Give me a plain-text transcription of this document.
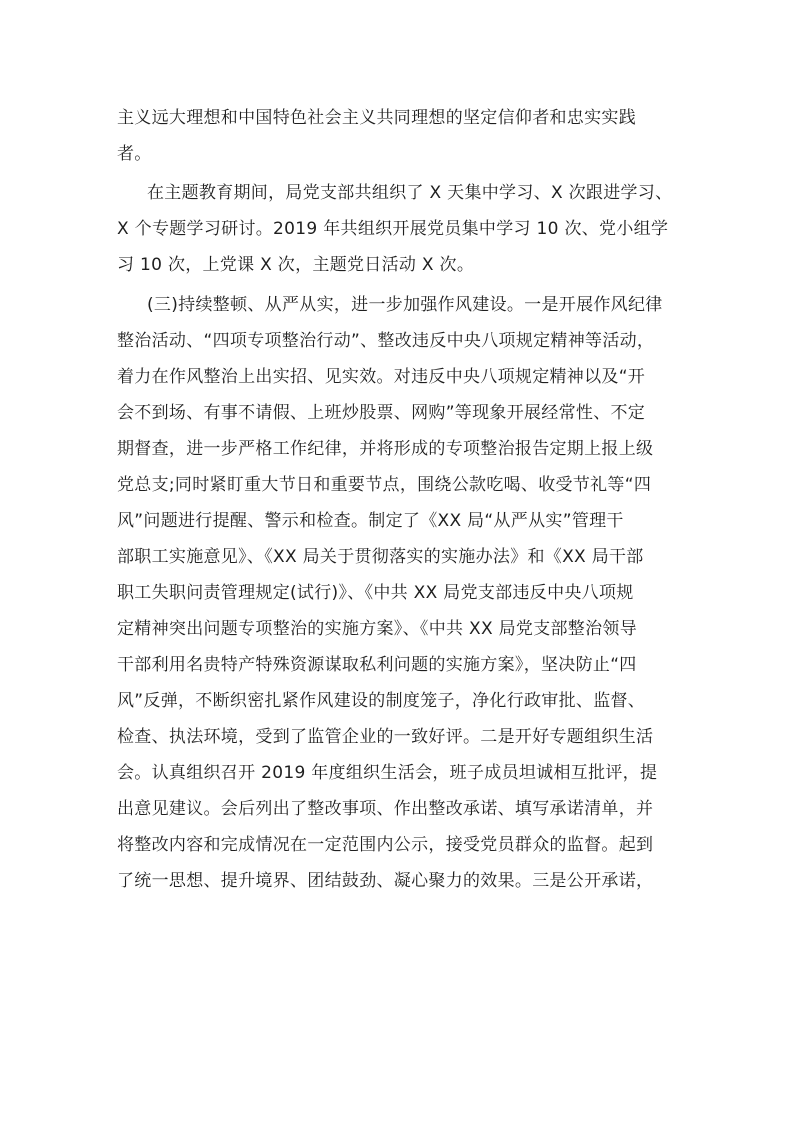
主义远大理想和中国特色社会主义共同理想的坚定信仰者和忠实实践
者。

在主题教育期间，局党支部共组织了 X 天集中学习、X 次跟进学习、
X 个专题学习研讨。2019 年共组织开展党员集中学习 10 次、党小组学
习 10 次，上党课 X 次，主题党日活动 X 次。

(三)持续整顿、从严从实，进一步加强作风建设。一是开展作风纪律
整治活动、“四项专项整治行动”、整改违反中央八项规定精神等活动，
着力在作风整治上出实招、见实效。对违反中央八项规定精神以及“开
会不到场、有事不请假、上班炒股票、网购”等现象开展经常性、不定
期督查，进一步严格工作纪律，并将形成的专项整治报告定期上报上级
党总支;同时紧盯重大节日和重要节点，围绕公款吃喝、收受节礼等“四
风”问题进行提醒、警示和检查。制定了《XX 局“从严从实”管理干
部职工实施意见》、《XX 局关于贯彻落实的实施办法》和《XX 局干部
职工失职问责管理规定(试行)》、《中共 XX 局党支部违反中央八项规
定精神突出问题专项整治的实施方案》、《中共 XX 局党支部整治领导
干部利用名贵特产特殊资源谋取私利问题的实施方案》，坚决防止“四
风”反弹，不断织密扎紧作风建设的制度笼子，净化行政审批、监督、
检查、执法环境，受到了监管企业的一致好评。二是开好专题组织生活
会。认真组织召开 2019 年度组织生活会，班子成员坦诚相互批评，提
出意见建议。会后列出了整改事项、作出整改承诺、填写承诺清单，并
将整改内容和完成情况在一定范围内公示，接受党员群众的监督。起到
了统一思想、提升境界、团结鼓劲、凝心聚力的效果。三是公开承诺，
